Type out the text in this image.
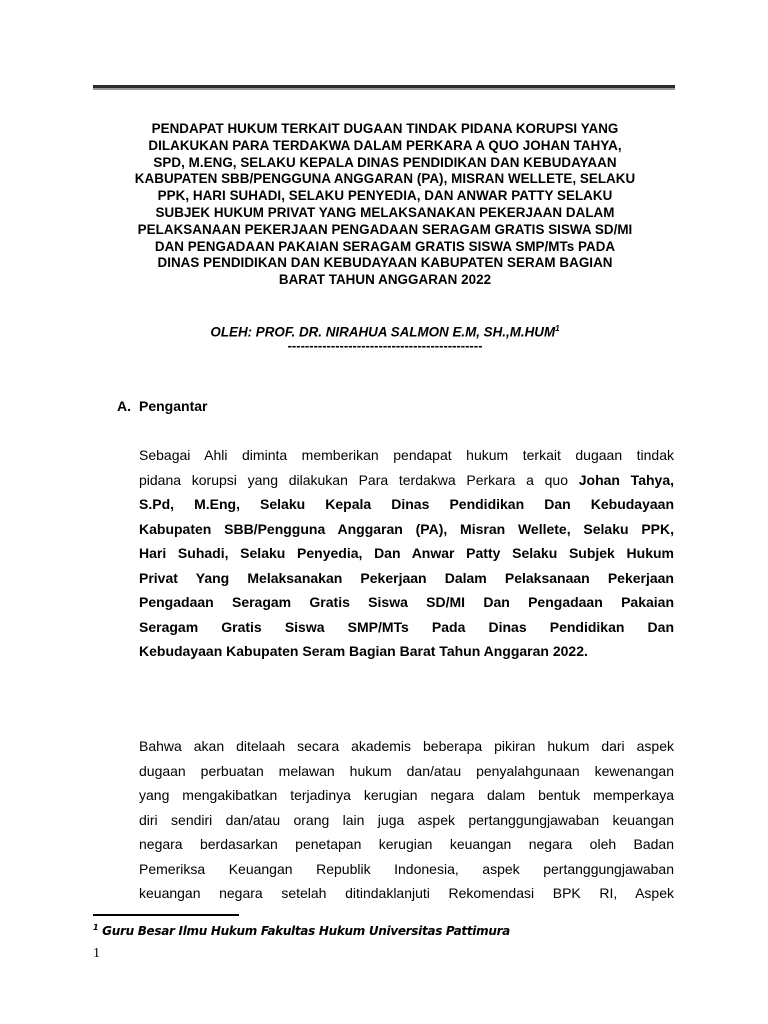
PENDAPAT HUKUM TERKAIT DUGAAN TINDAK PIDANA KORUPSI YANG
DILAKUKAN PARA TERDAKWA DALAM PERKARA A QUO JOHAN TAHYA,
SPD, M.ENG, SELAKU KEPALA DINAS PENDIDIKAN DAN KEBUDAYAAN
KABUPATEN SBB/PENGGUNA ANGGARAN (PA), MISRAN WELLETE, SELAKU
PPK, HARI SUHADI, SELAKU PENYEDIA, DAN ANWAR PATTY SELAKU
SUBJEK HUKUM PRIVAT YANG MELAKSANAKAN PEKERJAAN DALAM
PELAKSANAAN PEKERJAAN PENGADAAN SERAGAM GRATIS SISWA SD/MI
DAN PENGADAAN PAKAIAN SERAGAM GRATIS SISWA SMP/MTs PADA
DINAS PENDIDIKAN DAN KEBUDAYAAN KABUPATEN SERAM BAGIAN
BARAT TAHUN ANGGARAN 2022
OLEH: PROF. DR. NIRAHUA SALMON E.M, SH.,M.HUM$^1$
---------------------------------------------
A. Pengantar
Sebagai Ahli diminta memberikan pendapat hukum terkait dugaan tindak
pidana korupsi yang dilakukan Para terdakwa Perkara a quo Johan Tahya,
S.Pd, M.Eng, Selaku Kepala Dinas Pendidikan Dan Kebudayaan
Kabupaten SBB/Pengguna Anggaran (PA), Misran Wellete, Selaku PPK,
Hari Suhadi, Selaku Penyedia, Dan Anwar Patty Selaku Subjek Hukum
Privat Yang Melaksanakan Pekerjaan Dalam Pelaksanaan Pekerjaan
Pengadaan Seragam Gratis Siswa SD/MI Dan Pengadaan Pakaian
Seragam Gratis Siswa SMP/MTs Pada Dinas Pendidikan Dan
Kebudayaan Kabupaten Seram Bagian Barat Tahun Anggaran 2022.
Bahwa akan ditelaah secara akademis beberapa pikiran hukum dari aspek
dugaan perbuatan melawan hukum dan/atau penyalahgunaan kewenangan
yang mengakibatkan terjadinya kerugian negara dalam bentuk memperkaya
diri sendiri dan/atau orang lain juga aspek pertanggungjawaban keuangan
negara berdasarkan penetapan kerugian keuangan negara oleh Badan
Pemeriksa Keuangan Republik Indonesia, aspek pertanggungjawaban
keuangan negara setelah ditindaklanjuti Rekomendasi BPK RI, Aspek
$^1$ Guru Besar Ilmu Hukum Fakultas Hukum Universitas Pattimura
1
